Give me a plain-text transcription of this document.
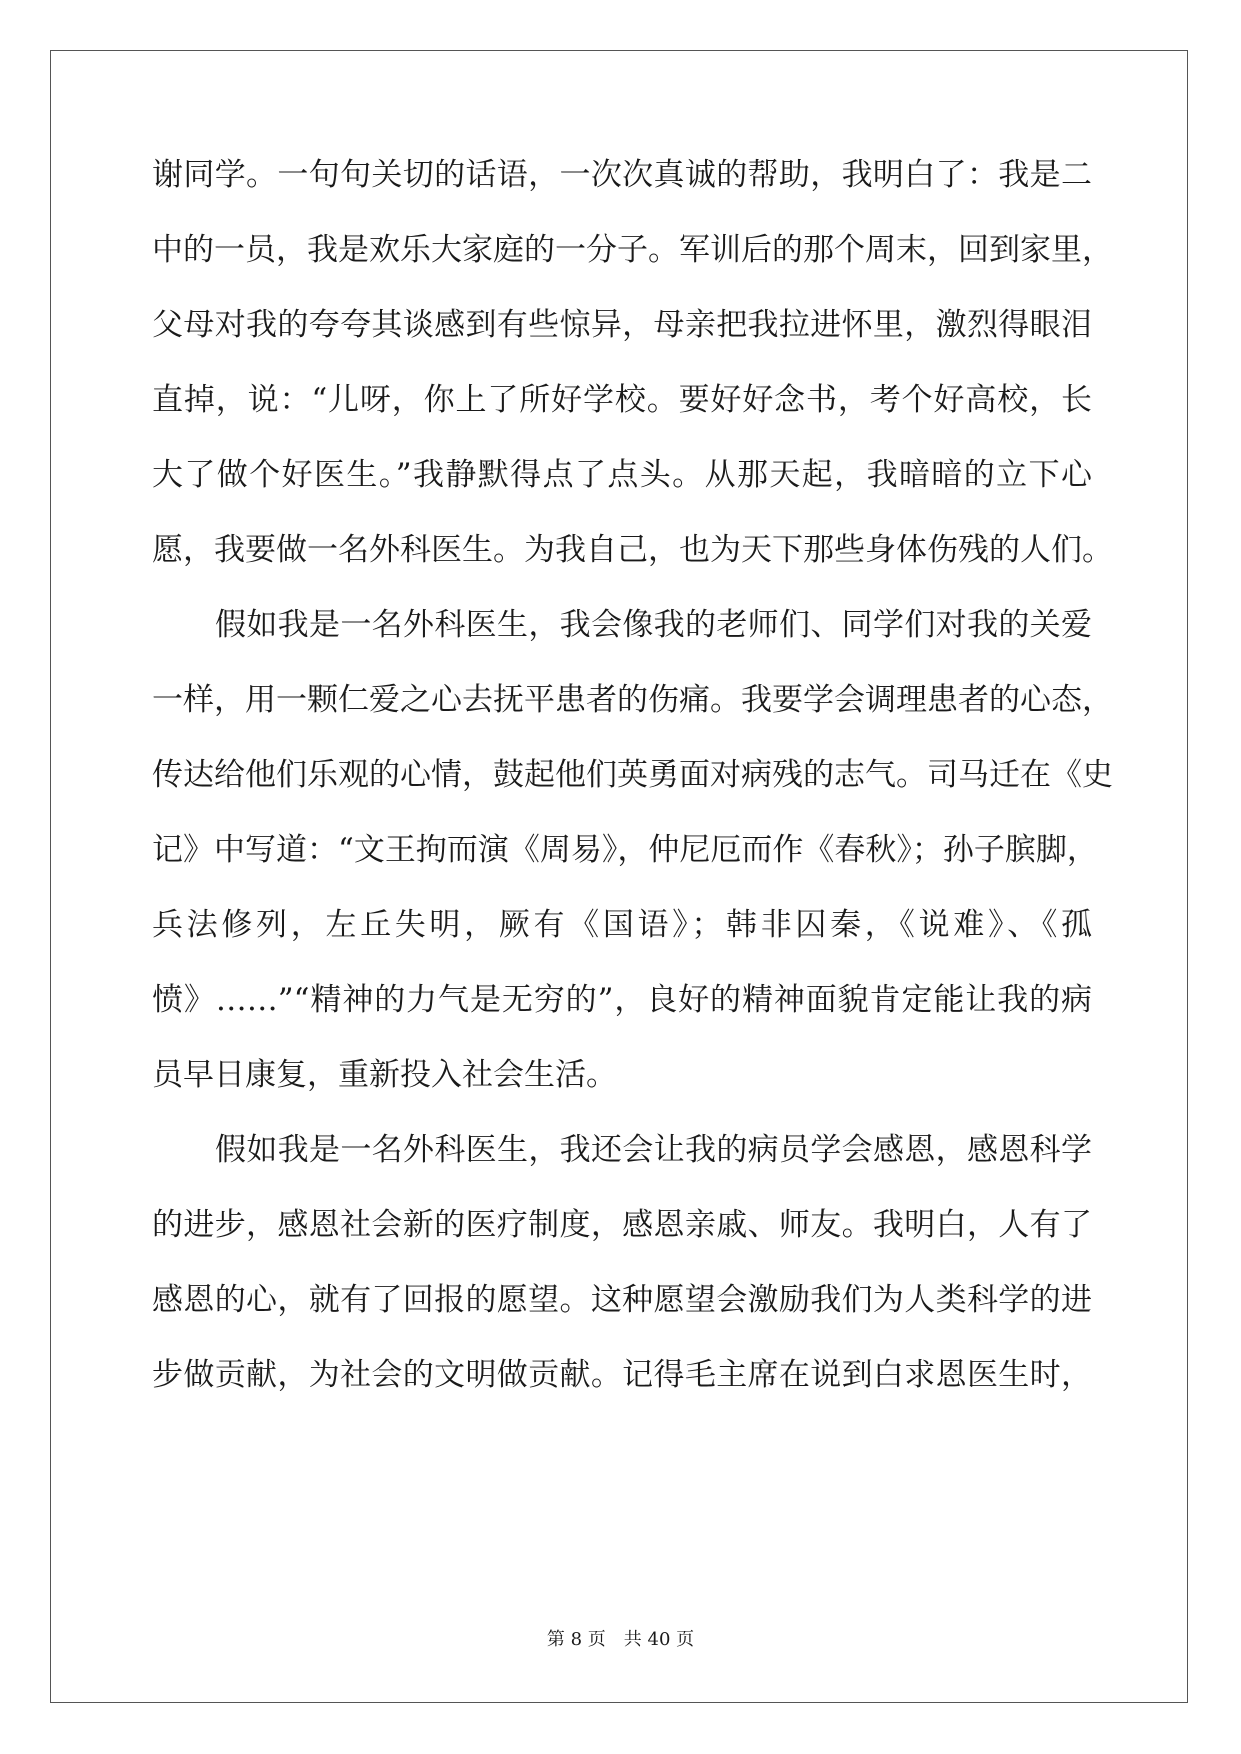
谢同学。一句句关切的话语，一次次真诚的帮助，我明白了：我是二
中的一员，我是欢乐大家庭的一分子。军训后的那个周末，回到家里，
父母对我的夸夸其谈感到有些惊异，母亲把我拉进怀里，激烈得眼泪
直掉，说：“儿呀，你上了所好学校。要好好念书，考个好高校，长
大了做个好医生。”我静默得点了点头。从那天起，我暗暗的立下心
愿，我要做一名外科医生。为我自己，也为天下那些身体伤残的人们。
假如我是一名外科医生，我会像我的老师们、同学们对我的关爱
一样，用一颗仁爱之心去抚平患者的伤痛。我要学会调理患者的心态，
传达给他们乐观的心情，鼓起他们英勇面对病残的志气。司马迁在《史
记》中写道：“文王拘而演《周易》，仲尼厄而作《春秋》；孙子膑脚，
兵法修列，左丘失明，厥有《国语》；韩非囚秦，《说难》、《孤
愤》……”“精神的力气是无穷的”，良好的精神面貌肯定能让我的病
员早日康复，重新投入社会生活。
假如我是一名外科医生，我还会让我的病员学会感恩，感恩科学
的进步，感恩社会新的医疗制度，感恩亲戚、师友。我明白，人有了
感恩的心，就有了回报的愿望。这种愿望会激励我们为人类科学的进
步做贡献，为社会的文明做贡献。记得毛主席在说到白求恩医生时，
第 8 页　共 40 页
